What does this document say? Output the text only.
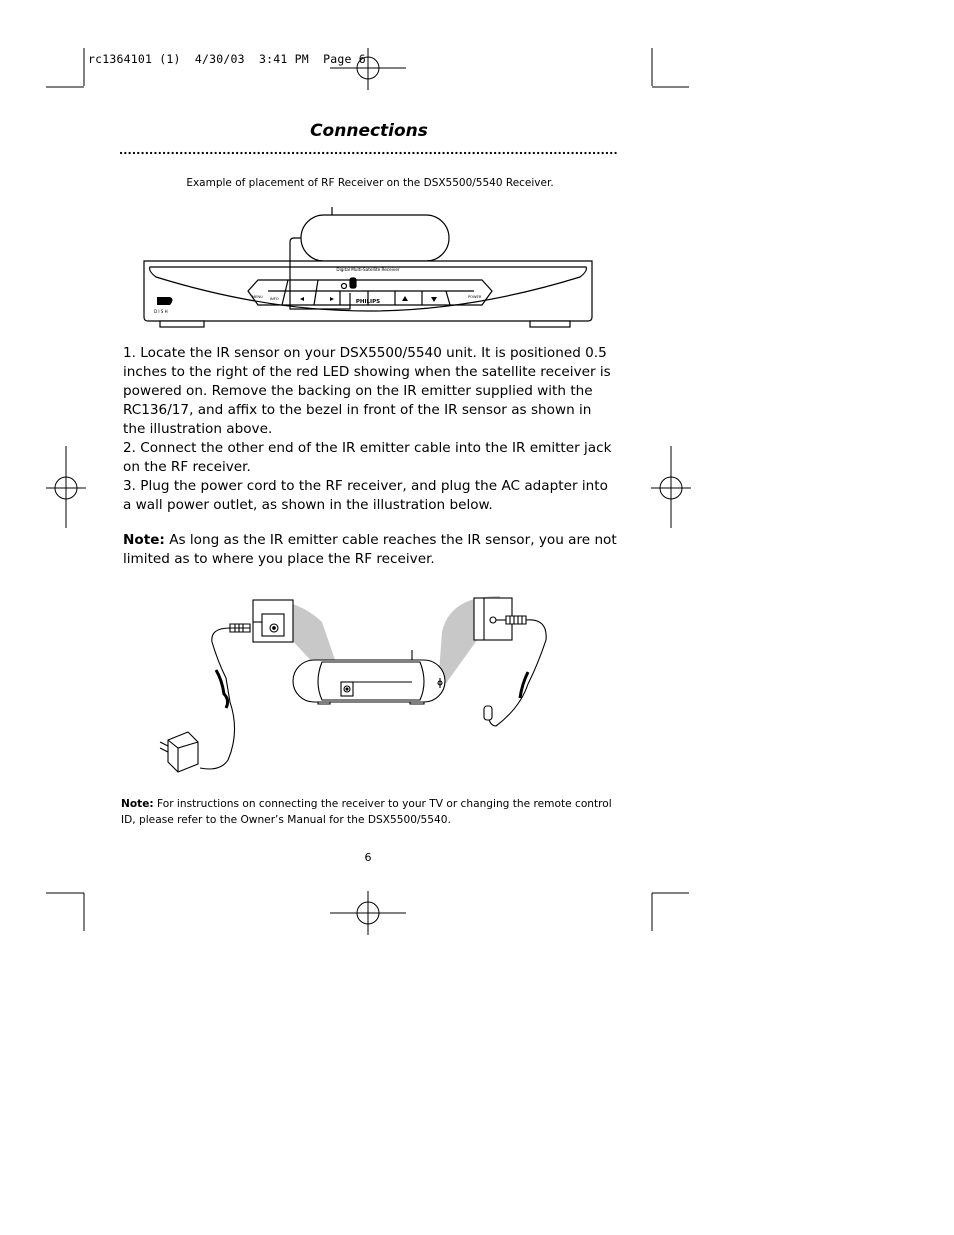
rc1364101 (1)  4/30/03  3:41 PM  Page 6
Connections
Example of placement of RF Receiver on the DSX5500/5540 Receiver.
D I S H
Digital Multi-Satellite Receiver
PHILIPS
MENU INFO	POWER

1. Locate the IR sensor on your DSX5500/5540 unit. It is positioned 0.5 inches to the right of the red LED showing when the satellite receiver is powered on. Remove the backing on the IR emitter supplied with the RC136/17, and affix to the bezel in front of the IR sensor as shown in the illustration above.

2. Connect the other end of the IR emitter cable into the IR emitter jack on the RF receiver.

3. Plug the power cord to the RF receiver, and plug the AC adapter into a wall power outlet, as shown in the illustration below.

Note: As long as the IR emitter cable reaches the IR sensor, you are not limited as to where you place the RF receiver.
Note: For instructions on connecting the receiver to your TV or changing the remote control ID, please refer to the Owner’s Manual for the DSX5500/5540.
6
